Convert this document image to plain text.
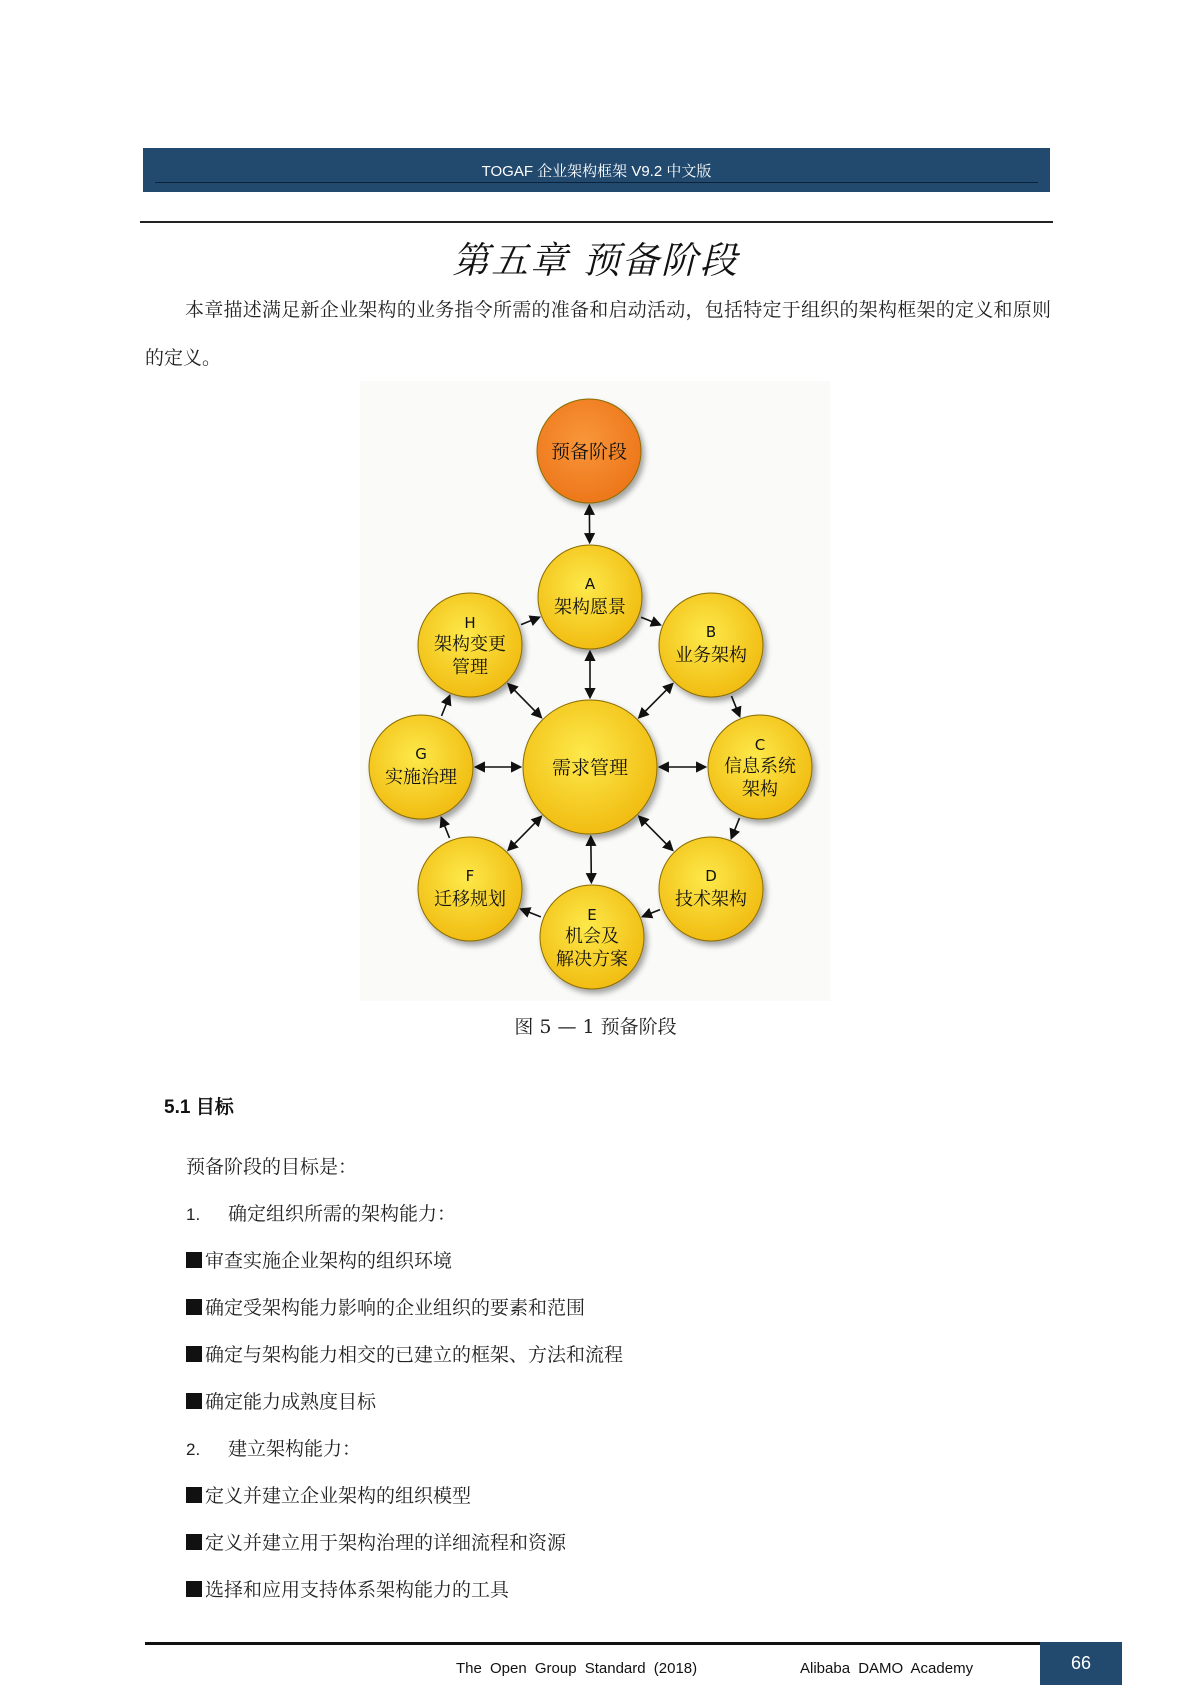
TOGAF 企业架构框架 V9.2 中文版
第五章 预备阶段
本章描述满足新企业架构的业务指令所需的准备和启动活动，包括特定于组织的架构框架的定义和原则的定义。
预备阶段
需求管理
A
架构愿景
B
业务架构
C
信息系统
架构
D
技术架构
E
机会及
解决方案
F
迁移规划
G
实施治理
H
架构变更
管理
图 5 — 1 预备阶段
5.1 目标
预备阶段的目标是：
1. 确定组织所需的架构能力：
审查实施企业架构的组织环境
确定受架构能力影响的企业组织的要素和范围
确定与架构能力相交的已建立的框架、方法和流程
确定能力成熟度目标
2. 建立架构能力：
定义并建立企业架构的组织模型
定义并建立用于架构治理的详细流程和资源
选择和应用支持体系架构能力的工具
The Open Group Standard (2018)	Alibaba DAMO Academy	66
